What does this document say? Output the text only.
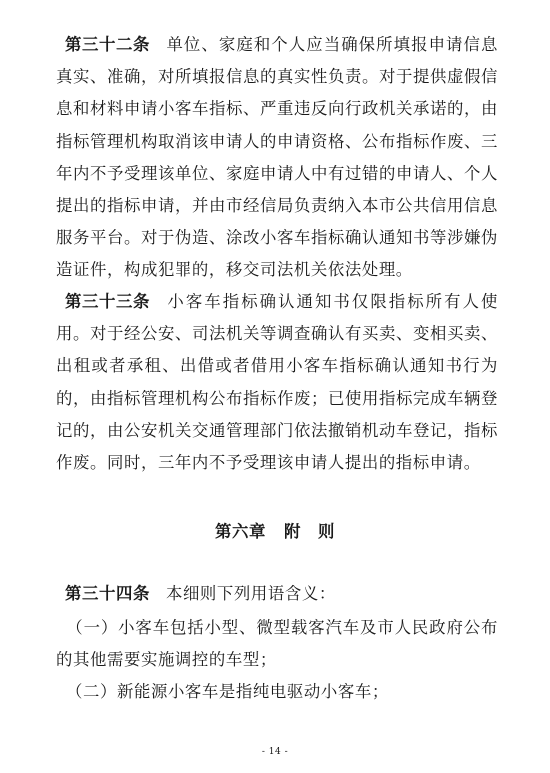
第三十二条 单位、家庭和个人应当确保所填报申请信息真实、准确，对所填报信息的真实性负责。对于提供虚假信息和材料申请小客车指标、严重违反向行政机关承诺的，由指标管理机构取消该申请人的申请资格、公布指标作废、三年内不予受理该单位、家庭申请人中有过错的申请人、个人提出的指标申请，并由市经信局负责纳入本市公共信用信息服务平台。对于伪造、涂改小客车指标确认通知书等涉嫌伪造证件，构成犯罪的，移交司法机关依法处理。

第三十三条 小客车指标确认通知书仅限指标所有人使用。对于经公安、司法机关等调查确认有买卖、变相买卖、出租或者承租、出借或者借用小客车指标确认通知书行为的，由指标管理机构公布指标作废；已使用指标完成车辆登记的，由公安机关交通管理部门依法撤销机动车登记，指标作废。同时，三年内不予受理该申请人提出的指标申请。

第六章 附　则

第三十四条 本细则下列用语含义：

（一）小客车包括小型、微型载客汽车及市人民政府公布的其他需要实施调控的车型；

（二）新能源小客车是指纯电驱动小客车；

- 14 -
